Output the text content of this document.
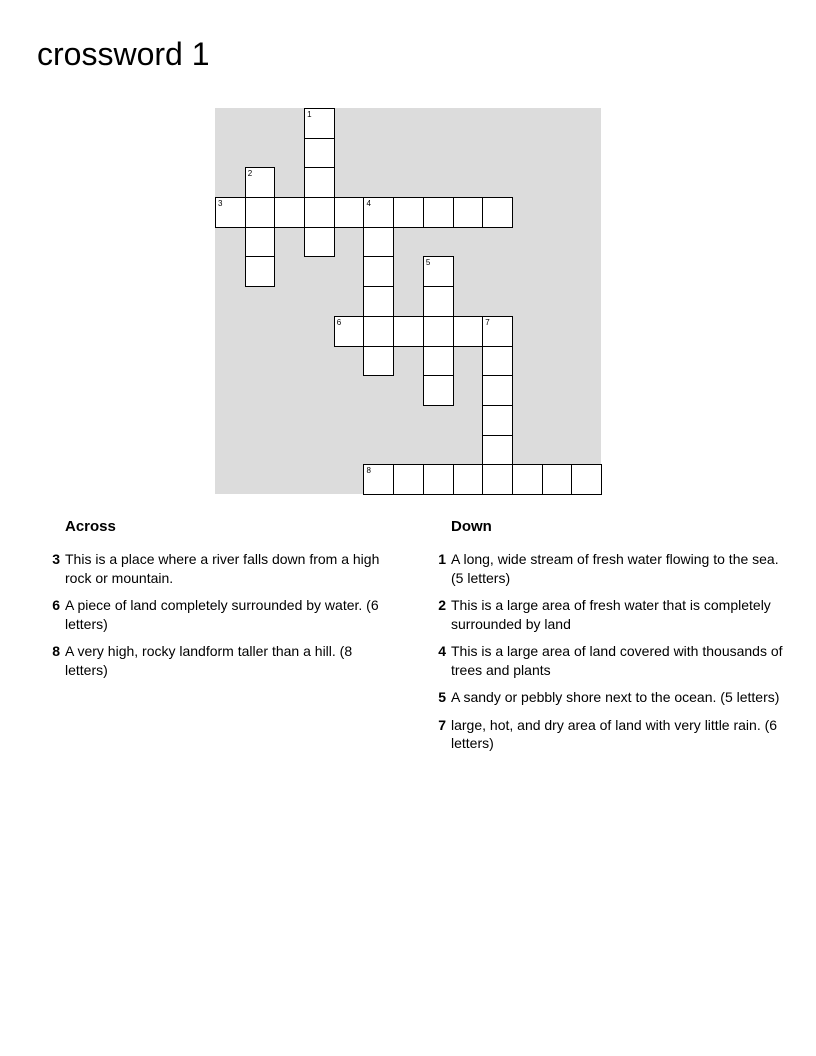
crossword 1
1
2
3	4
5
6	7
8
Across
3 This is a place where a river falls down from a high rock or mountain.
6 A piece of land completely surrounded by water. (6 letters)
8 A very high, rocky landform taller than a hill. (8 letters)
Down
1 A long, wide stream of fresh water flowing to the sea. (5 letters)
2 This is a large area of fresh water that is completely surrounded by land
4 This is a large area of land covered with thousands of trees and plants
5 A sandy or pebbly shore next to the ocean. (5 letters)
7 large, hot, and dry area of land with very little rain. (6 letters)
